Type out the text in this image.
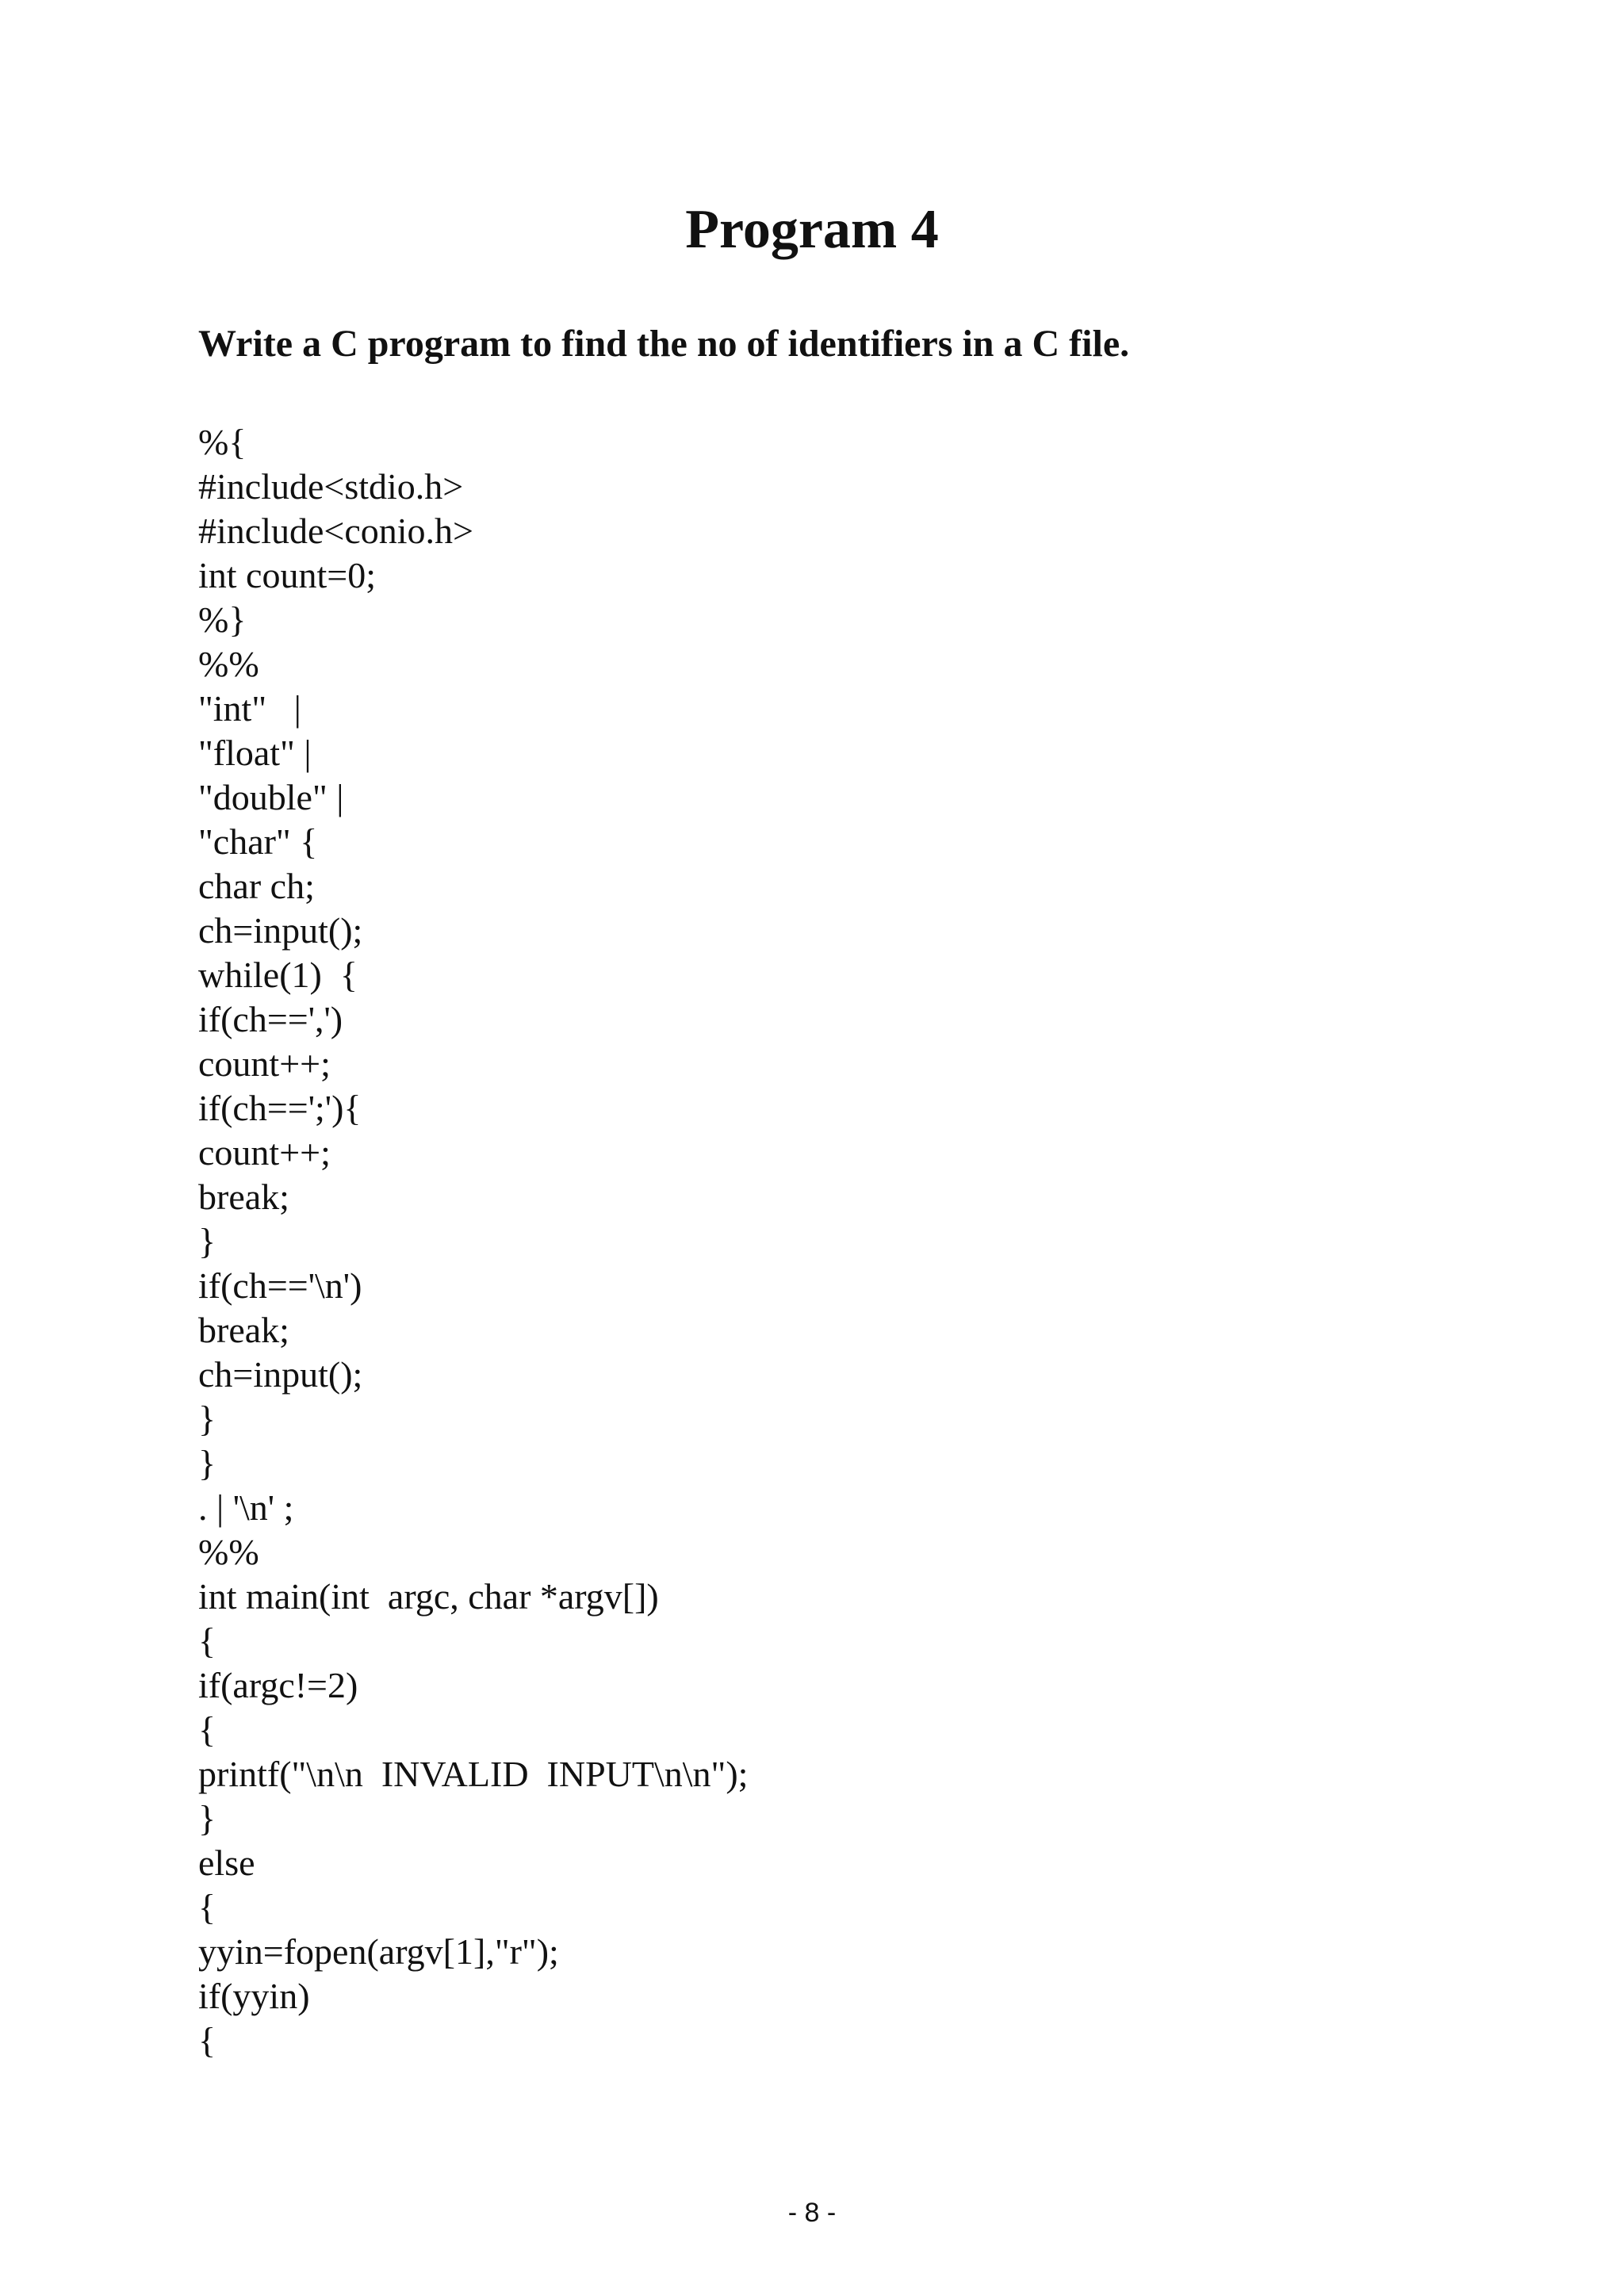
Program 4

Write a C program to find the no of identifiers in a C file.

%{
#include<stdio.h>
#include<conio.h>
int count=0;
%}
%%
"int"   |
"float" |
"double" |
"char" {
char ch;
ch=input();
while(1)  {
if(ch==',')
count++;
if(ch==';'){
count++;
break;
}
if(ch=='\n')
break;
ch=input();
}
}
. | '\n' ;
%%
int main(int  argc, char *argv[])
{
if(argc!=2)
{
printf("\n\n  INVALID  INPUT\n\n");
}
else
{
yyin=fopen(argv[1],"r");
if(yyin)
{
- 8 -
